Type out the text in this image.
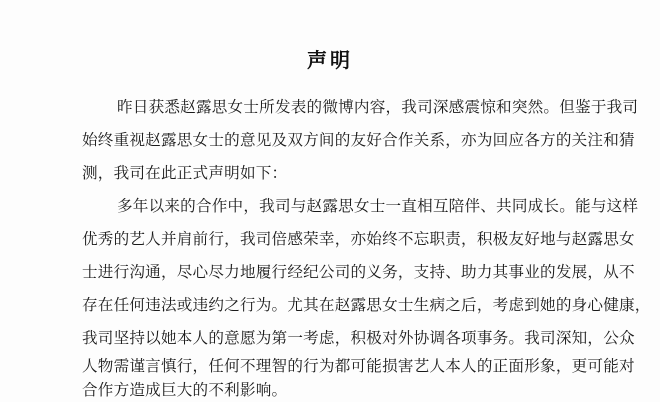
声明
昨日获悉赵露思女士所发表的微博内容，我司深感震惊和突然。但鉴于我司
始终重视赵露思女士的意见及双方间的友好合作关系，亦为回应各方的关注和猜
测，我司在此正式声明如下：
多年以来的合作中，我司与赵露思女士一直相互陪伴、共同成长。能与这样
优秀的艺人并肩前行，我司倍感荣幸，亦始终不忘职责，积极友好地与赵露思女
士进行沟通，尽心尽力地履行经纪公司的义务，支持、助力其事业的发展，从不
存在任何违法或违约之行为。尤其在赵露思女士生病之后，考虑到她的身心健康，
我司坚持以她本人的意愿为第一考虑，积极对外协调各项事务。我司深知，公众
人物需谨言慎行，任何不理智的行为都可能损害艺人本人的正面形象，更可能对
合作方造成巨大的不利影响。
